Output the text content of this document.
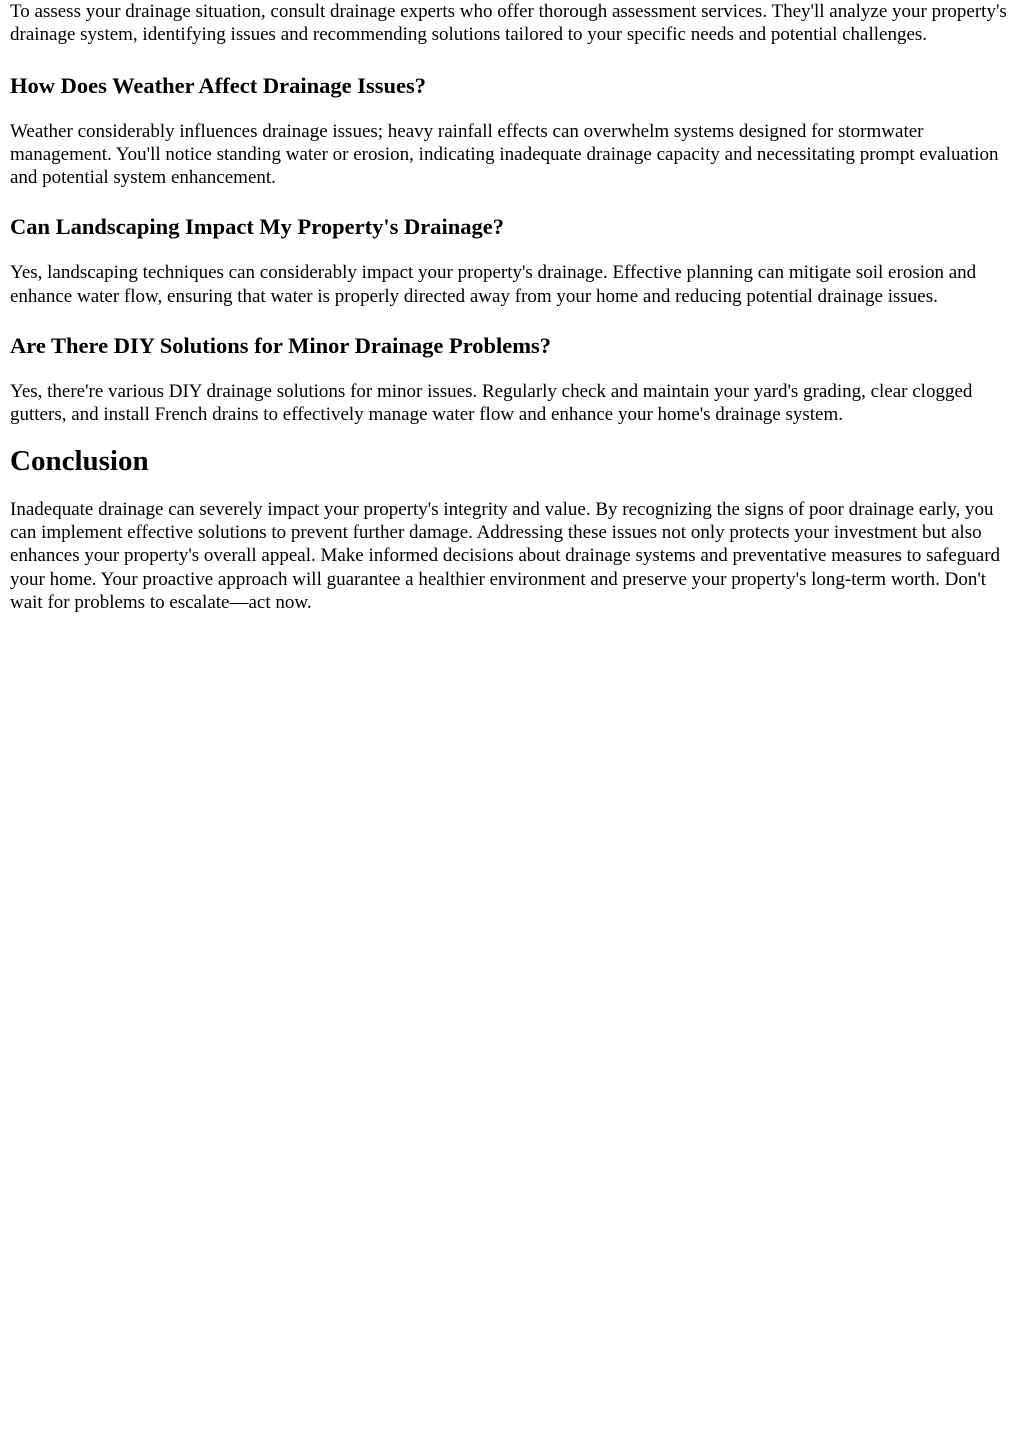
To assess your drainage situation, consult drainage experts who offer thorough assessment services. They'll analyze your property's drainage system, identifying issues and recommending solutions tailored to your specific needs and potential challenges.

How Does Weather Affect Drainage Issues?

Weather considerably influences drainage issues; heavy rainfall effects can overwhelm systems designed for stormwater management. You'll notice standing water or erosion, indicating inadequate drainage capacity and necessitating prompt evaluation and potential system enhancement.

Can Landscaping Impact My Property's Drainage?

Yes, landscaping techniques can considerably impact your property's drainage. Effective planning can mitigate soil erosion and enhance water flow, ensuring that water is properly directed away from your home and reducing potential drainage issues.

Are There DIY Solutions for Minor Drainage Problems?

Yes, there're various DIY drainage solutions for minor issues. Regularly check and maintain your yard's grading, clear clogged gutters, and install French drains to effectively manage water flow and enhance your home's drainage system.

Conclusion

Inadequate drainage can severely impact your property's integrity and value. By recognizing the signs of poor drainage early, you can implement effective solutions to prevent further damage. Addressing these issues not only protects your investment but also enhances your property's overall appeal. Make informed decisions about drainage systems and preventative measures to safeguard your home. Your proactive approach will guarantee a healthier environment and preserve your property's long-term worth. Don't wait for problems to escalate—act now.
